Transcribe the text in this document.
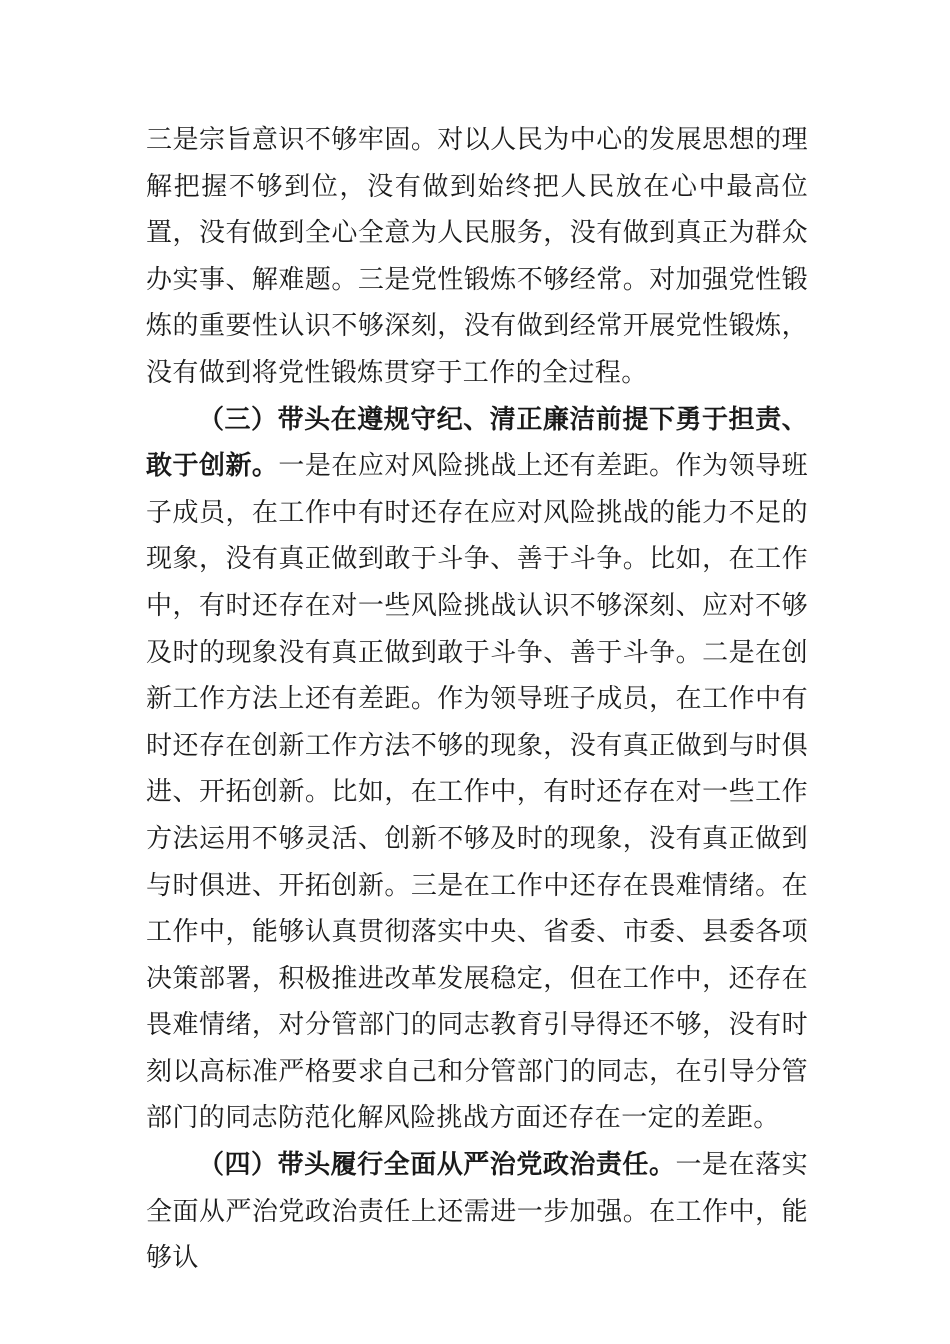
三是宗旨意识不够牢固。对以人民为中心的发展思想的理解把握不够到位，没有做到始终把人民放在心中最高位置，没有做到全心全意为人民服务，没有做到真正为群众办实事、解难题。三是党性锻炼不够经常。对加强党性锻炼的重要性认识不够深刻，没有做到经常开展党性锻炼，没有做到将党性锻炼贯穿于工作的全过程。

（三）带头在遵规守纪、清正廉洁前提下勇于担责、敢于创新。一是在应对风险挑战上还有差距。作为领导班子成员，在工作中有时还存在应对风险挑战的能力不足的现象，没有真正做到敢于斗争、善于斗争。比如，在工作中，有时还存在对一些风险挑战认识不够深刻、应对不够及时的现象没有真正做到敢于斗争、善于斗争。二是在创新工作方法上还有差距。作为领导班子成员，在工作中有时还存在创新工作方法不够的现象，没有真正做到与时俱进、开拓创新。比如，在工作中，有时还存在对一些工作方法运用不够灵活、创新不够及时的现象，没有真正做到与时俱进、开拓创新。三是在工作中还存在畏难情绪。在工作中，能够认真贯彻落实中央、省委、市委、县委各项决策部署，积极推进改革发展稳定，但在工作中，还存在畏难情绪，对分管部门的同志教育引导得还不够，没有时刻以高标准严格要求自己和分管部门的同志，在引导分管部门的同志防范化解风险挑战方面还存在一定的差距。

（四）带头履行全面从严治党政治责任。一是在落实全面从严治党政治责任上还需进一步加强。在工作中，能够认
